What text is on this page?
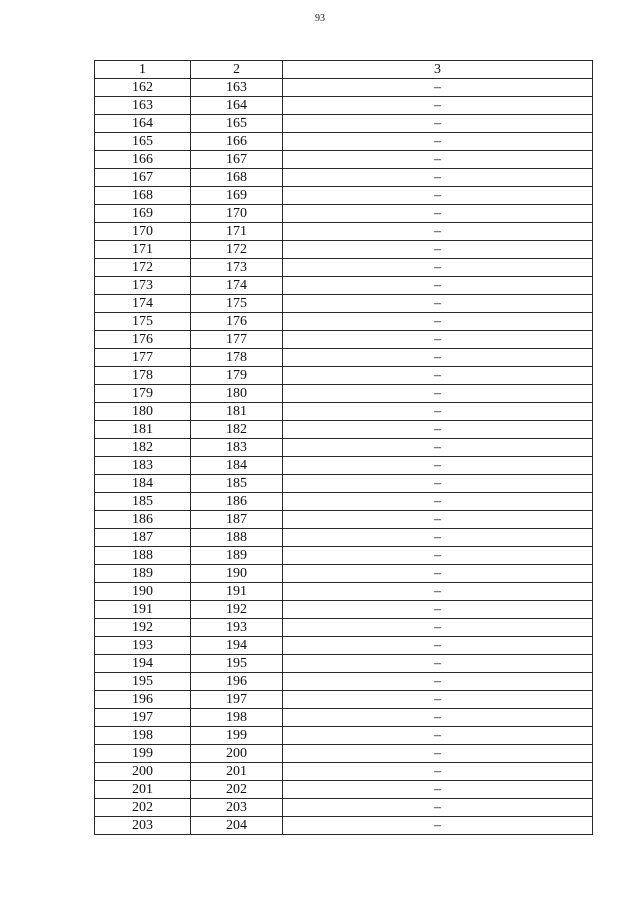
93
1	2	3
162	163	–
163	164	–
164	165	–
165	166	–
166	167	–
167	168	–
168	169	–
169	170	–
170	171	–
171	172	–
172	173	–
173	174	–
174	175	–
175	176	–
176	177	–
177	178	–
178	179	–
179	180	–
180	181	–
181	182	–
182	183	–
183	184	–
184	185	–
185	186	–
186	187	–
187	188	–
188	189	–
189	190	–
190	191	–
191	192	–
192	193	–
193	194	–
194	195	–
195	196	–
196	197	–
197	198	–
198	199	–
199	200	–
200	201	–
201	202	–
202	203	–
203	204	–
